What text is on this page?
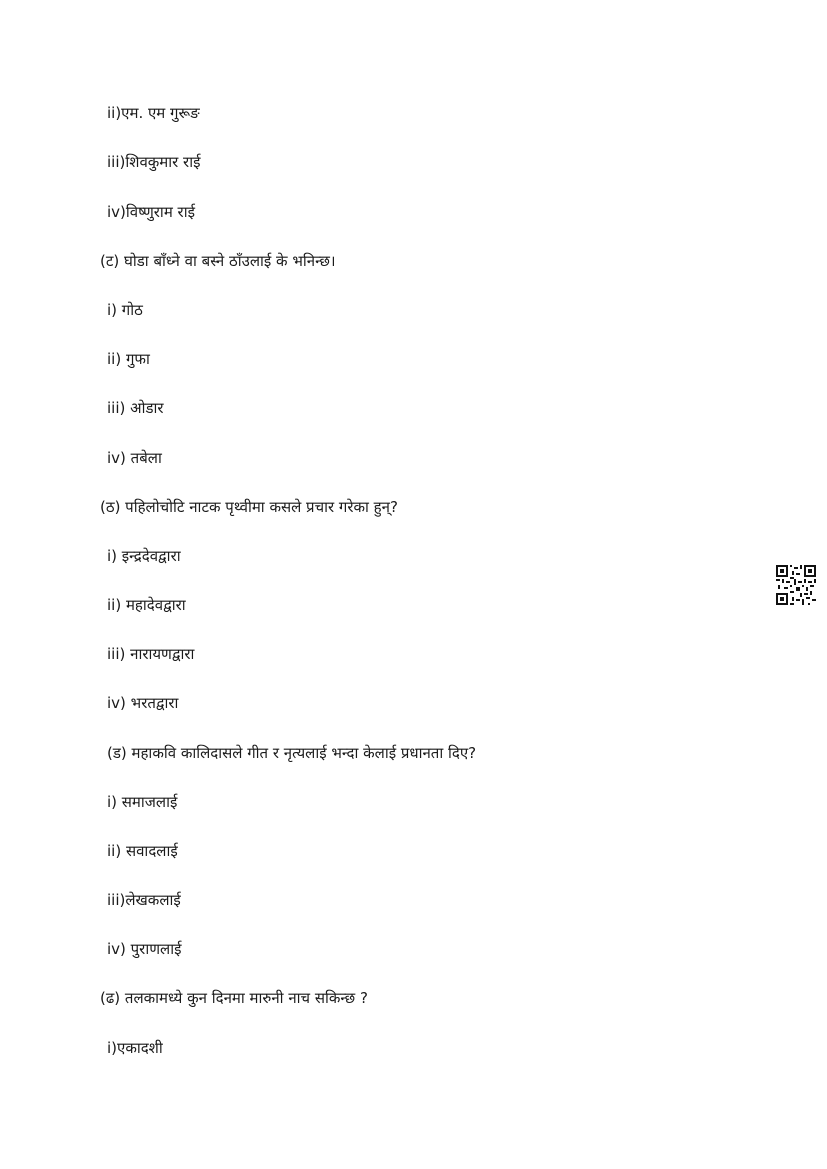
ii)एम. एम गुरूङ
iii)शिवकुमार राई
iv)विष्णुराम राई
(ट) घोडा बाँध्ने वा बस्ने ठाँउलाई के भनिन्छ।
i) गोठ
ii) गुफा
iii) ओडार
iv) तबेला
(ठ) पहिलोचोटि नाटक पृथ्वीमा कसले प्रचार गरेका हुन्?
i) इन्द्रदेवद्वारा
ii) महादेवद्वारा
iii) नारायणद्वारा
iv) भरतद्वारा
(ड) महाकवि कालिदासले गीत र नृत्यलाई भन्दा केलाई प्रधानता दिए?
i) समाजलाई
ii) सवादलाई
iii)लेखकलाई
iv) पुराणलाई
(ढ) तलकामध्ये कुन दिनमा मारुनी नाच सकिन्छ ?
i)एकादशी
